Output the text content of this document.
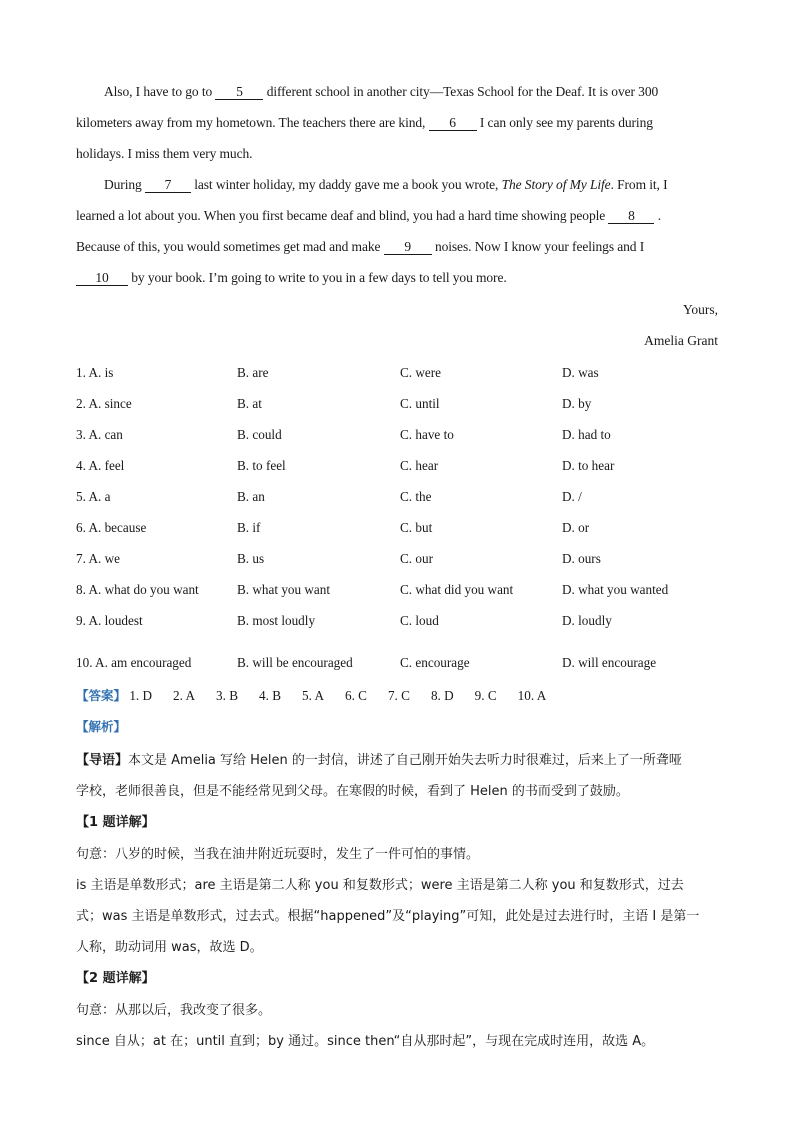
Also, I have to go to 5 different school in another city—Texas School for the Deaf. It is over 300
kilometers away from my hometown. The teachers there are kind, 6 I can only see my parents during
holidays. I miss them very much.
During 7 last winter holiday, my daddy gave me a book you wrote, The Story of My Life. From it, I
learned a lot about you. When you first became deaf and blind, you had a hard time showing people 8 .
Because of this, you would sometimes get mad and make 9 noises. Now I know your feelings and I
10 by your book. I’m going to write to you in a few days to tell you more.
Yours,
Amelia Grant
1. A. is	B. are	C. were	D. was
2. A. since	B. at	C. until	D. by
3. A. can	B. could	C. have to	D. had to
4. A. feel	B. to feel	C. hear	D. to hear
5. A. a	B. an	C. the	D. /
6. A. because	B. if	C. but	D. or
7. A. we	B. us	C. our	D. ours
8. A. what do you want	B. what you want	C. what did you want	D. what you wanted
9. A. loudest	B. most loudly	C. loud	D. loudly
10. A. am encouraged	B. will be encouraged	C. encourage	D. will encourage
【答案】 1. D 2. A 3. B 4. B 5. A 6. C 7. C 8. D 9. C 10. A
【解析】
【导语】本文是 Amelia 写给 Helen 的一封信，讲述了自己刚开始失去听力时很难过，后来上了一所聋哑
学校，老师很善良，但是不能经常见到父母。在寒假的时候，看到了 Helen 的书而受到了鼓励。
【1 题详解】
句意：八岁的时候，当我在油井附近玩耍时，发生了一件可怕的事情。
is 主语是单数形式；are 主语是第二人称 you 和复数形式；were 主语是第二人称 you 和复数形式，过去
式；was 主语是单数形式，过去式。根据“happened”及“playing”可知，此处是过去进行时，主语 I 是第一
人称，助动词用 was，故选 D。
【2 题详解】
句意：从那以后，我改变了很多。
since 自从；at 在；until 直到；by 通过。since then“自从那时起”，与现在完成时连用，故选 A。
